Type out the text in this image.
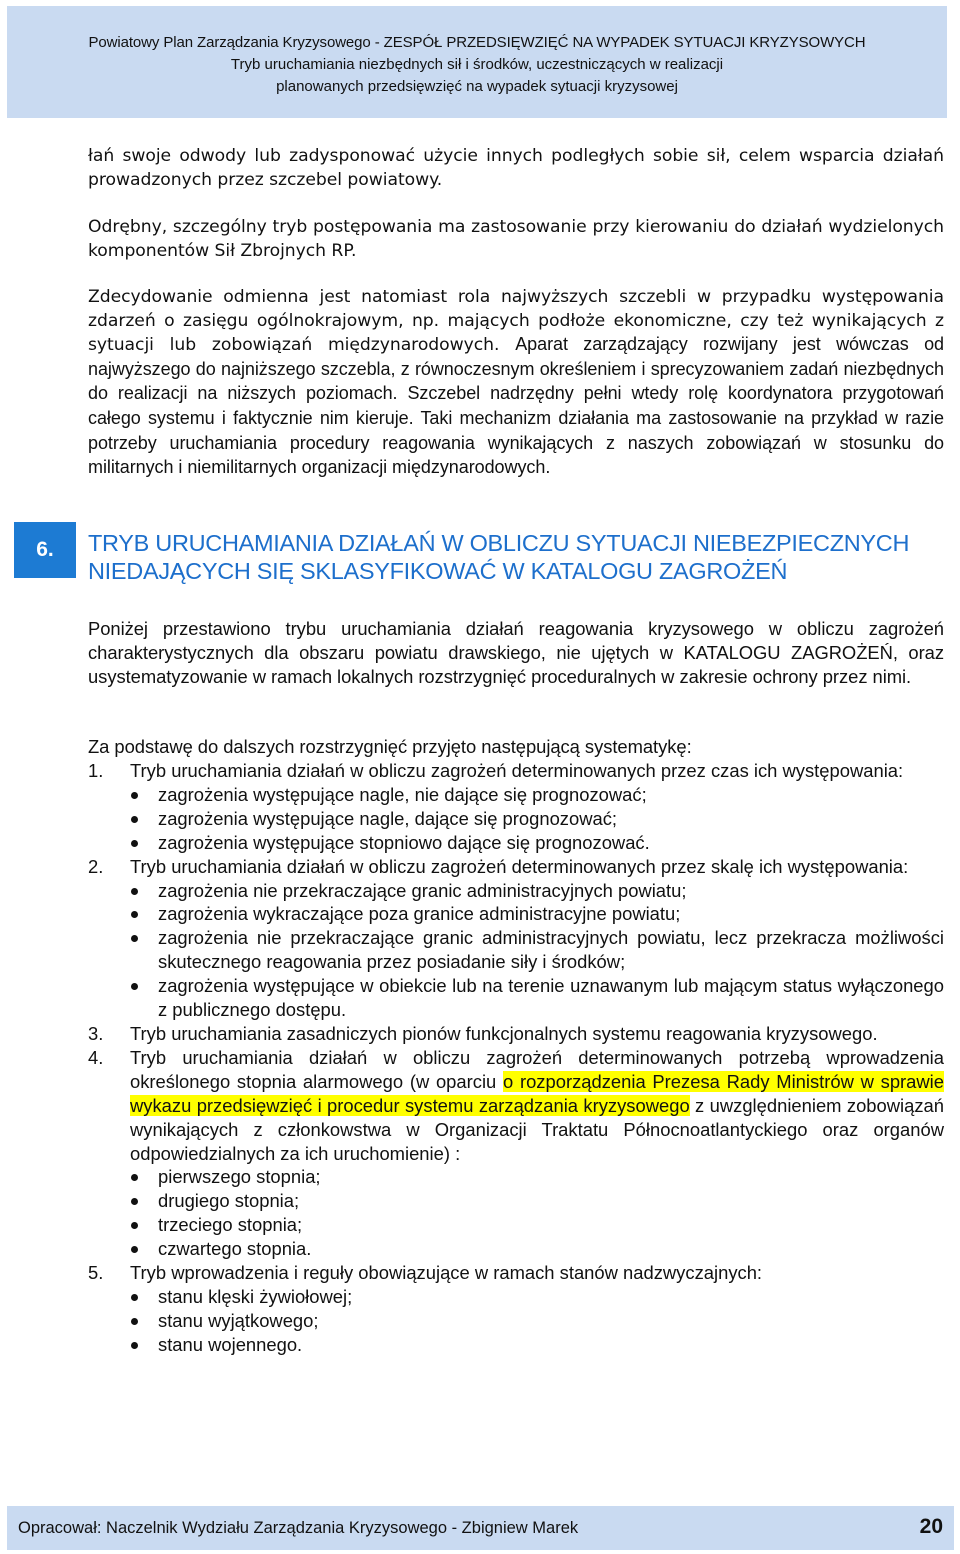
Powiatowy Plan Zarządzania Kryzysowego - ZESPÓŁ PRZEDSIĘWZIĘĆ NA WYPADEK SYTUACJI KRYZYSOWYCH
Tryb uruchamiania niezbędnych sił i środków, uczestniczących w realizacji
planowanych przedsięwzięć na wypadek sytuacji kryzysowej
łań swoje odwody lub zadysponować użycie innych podległych sobie sił, celem wsparcia działań prowadzonych przez szczebel powiatowy.
Odrębny, szczególny tryb postępowania ma zastosowanie przy kierowaniu do działań wydzielonych komponentów Sił Zbrojnych RP.
Zdecydowanie odmienna jest natomiast rola najwyższych szczebli w przypadku występowania zdarzeń o zasięgu ogólnokrajowym, np. mających podłoże ekonomiczne, czy też wynikających z sytuacji lub zobowiązań międzynarodowych. Aparat zarządzający rozwijany jest wówczas od najwyższego do najniższego szczebla, z równoczesnym określeniem i sprecyzowaniem zadań niezbędnych do realizacji na niższych poziomach. Szczebel nadrzędny pełni wtedy rolę koordynatora przygotowań całego systemu i faktycznie nim kieruje. Taki mechanizm działania ma zastosowanie na przykład w razie potrzeby uruchamiania procedury reagowania wynikających z naszych zobowiązań w stosunku do militarnych i niemilitarnych organizacji międzynarodowych.
6.	TRYB URUCHAMIANIA DZIAŁAŃ W OBLICZU SYTUACJI NIEBEZPIECZNYCH
NIEDAJĄCYCH SIĘ SKLASYFIKOWAĆ W KATALOGU ZAGROŻEŃ
Poniżej przestawiono trybu uruchamiania działań reagowania kryzysowego w obliczu zagrożeń charakterystycznych dla obszaru powiatu drawskiego, nie ujętych w KATALOGU ZAGROŻEŃ, oraz usystematyzowanie w ramach lokalnych rozstrzygnięć proceduralnych w zakresie ochrony przez nimi.
Za podstawę do dalszych rozstrzygnięć przyjęto następującą systematykę:
1.	Tryb uruchamiania działań w obliczu zagrożeń determinowanych przez czas ich występowania:
zagrożenia występujące nagle, nie dające się prognozować;
zagrożenia występujące nagle, dające się prognozować;
zagrożenia występujące stopniowo dające się prognozować.
2.	Tryb uruchamiania działań w obliczu zagrożeń determinowanych przez skalę ich występowania:
zagrożenia nie przekraczające granic administracyjnych powiatu;
zagrożenia wykraczające poza granice administracyjne powiatu;
zagrożenia nie przekraczające granic administracyjnych powiatu, lecz przekracza możliwości skutecznego reagowania przez posiadanie siły i środków;
zagrożenia występujące w obiekcie lub na terenie uznawanym lub mającym status wyłączonego z publicznego dostępu.
3.	Tryb uruchamiania zasadniczych pionów funkcjonalnych systemu reagowania kryzysowego.
4.	Tryb uruchamiania działań w obliczu zagrożeń determinowanych potrzebą wprowadzenia określonego stopnia alarmowego (w oparciu o rozporządzenia Prezesa Rady Ministrów w sprawie wykazu przedsięwzięć i procedur systemu zarządzania kryzysowego z uwzględnieniem zobowiązań wynikających z członkowstwa w Organizacji Traktatu Północnoatlantyckiego oraz organów odpowiedzialnych za ich uruchomienie) :
pierwszego stopnia;
drugiego stopnia;
trzeciego stopnia;
czwartego stopnia.
5.	Tryb wprowadzenia i reguły obowiązujące w ramach stanów nadzwyczajnych:
stanu klęski żywiołowej;
stanu wyjątkowego;
stanu wojennego.
Opracował: Naczelnik Wydziału Zarządzania Kryzysowego - Zbigniew Marek	20
